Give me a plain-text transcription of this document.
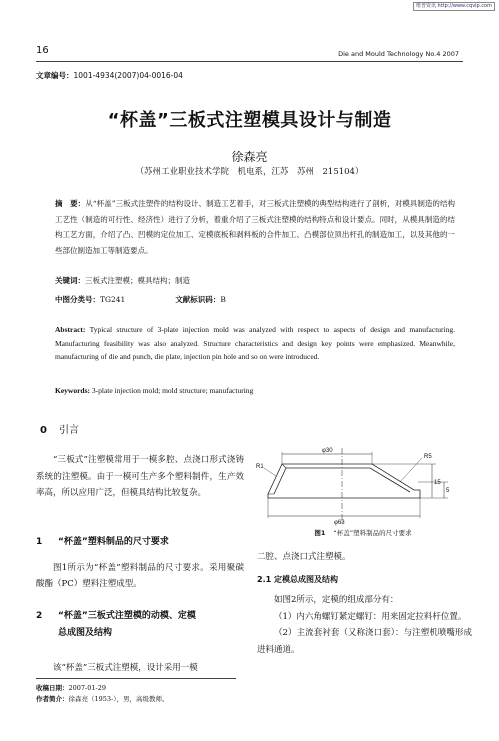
维普资讯 http://www.cqvip.com
16	Die and Mould Technology No.4 2007
文章编号：1001-4934(2007)04-0016-04
“杯盖”三板式注塑模具设计与制造
徐森亮
（苏州工业职业技术学院　机电系，江苏　苏州　215104）
摘　要：从“杯盖”三板式注塑件的结构设计、制造工艺着手，对三板式注塑模的典型结构进行了剖析，对模具制造的结构工艺性（制造的可行性、经济性）进行了分析，着重介绍了三板式注塑模的结构特点和设计要点。同时，从模具制造的结构工艺方面，介绍了凸、凹模的定位加工、定模底板和剥料板的合件加工、凸模部位顶出杆孔的制造加工，以及其他的一些部位制造加工等制造要点。
关键词：三板式注塑模；模具结构；制造
中图分类号：TG241	文献标识码：B
Abstract: Typical structure of 3-plate injection mold was analyzed with respect to aspects of design and manufacturing. Manufacturing feasibility was also analyzed. Structure characteristics and design key points were emphasized. Meanwhile, manufacturing of die and punch, die plate, injection pin hole and so on were introduced.
Keywords: 3-plate injection mold; mold structure; manufacturing
0 引言
“三板式”注塑模常用于一模多腔、点浇口形式浇铸系统的注塑模。由于一模可生产多个塑料制件，生产效率高，所以应用广泛，但模具结构比较复杂。
1 “杯盖”塑料制品的尺寸要求
图1所示为“杯盖”塑料制品的尺寸要求。采用聚碳酸酯（PC）塑料注塑成型。
2 “杯盖”三板式注塑模的动模、定模
总成图及结构
该“杯盖”三板式注塑模，设计采用一模
收稿日期：2007-01-29
作者简介：徐森亮（1953-），男，高级教师。
φ30
φ63
R5
15
5
R1
图1 “杯盖”塑料制品的尺寸要求
二腔、点浇口式注塑模。
2.1 定模总成图及结构
如图2所示，定模的组成部分有：
（1）内六角螺钉紧定螺钉：用来固定拉料杆位置。
（2）主流套衬套（又称浇口套）：与注塑机喷嘴形成进料通道。
